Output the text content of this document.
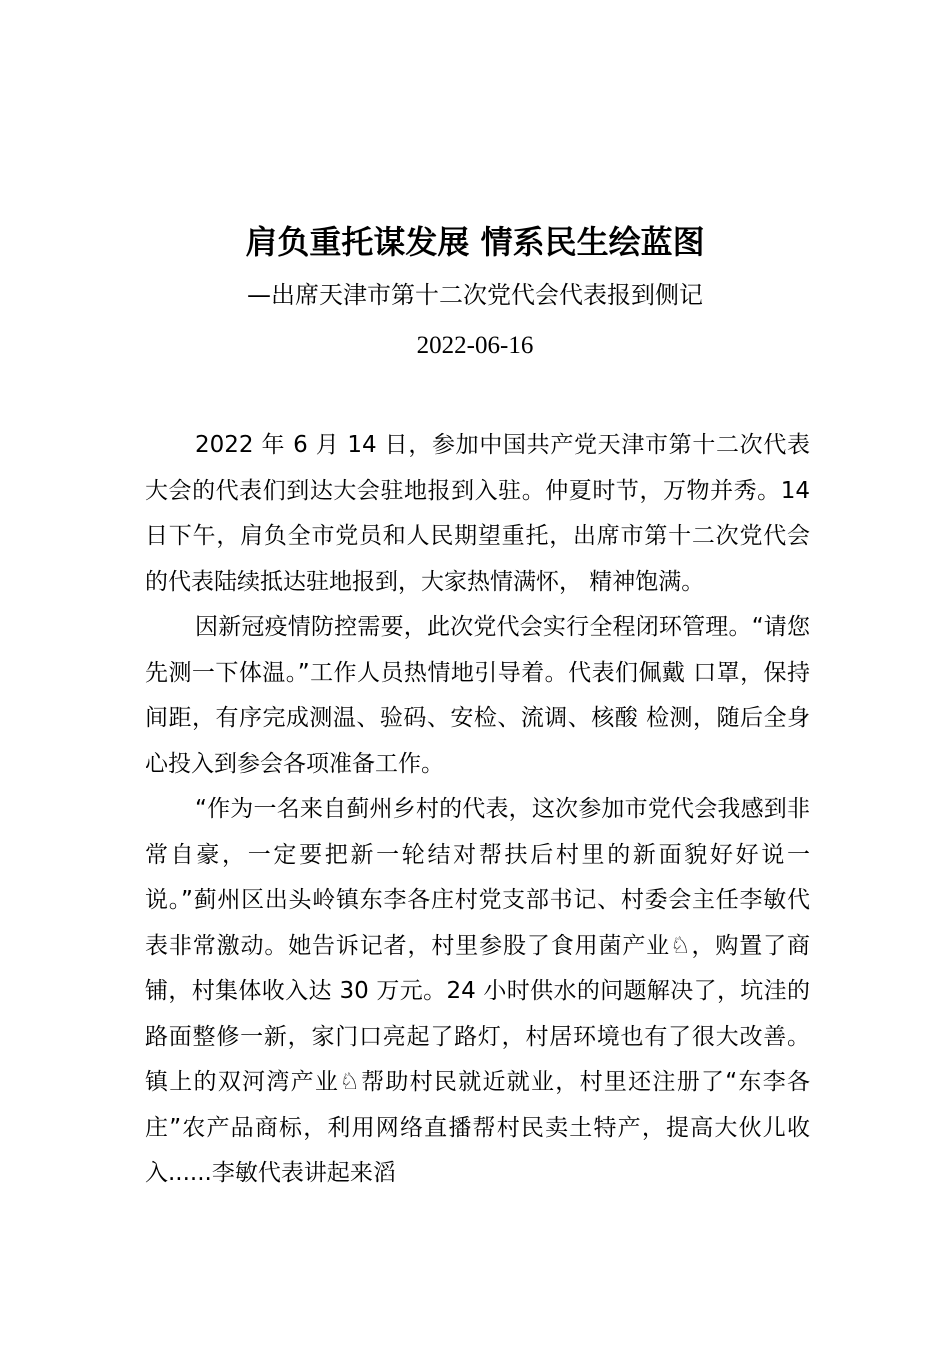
肩负重托谋发展 情系民生绘蓝图
—出席天津市第十二次党代会代表报到侧记
2022-06-16

2022 年 6 月 14 日，参加中国共产党天津市第十二次代表大会的代表们到达大会驻地报到入驻。仲夏时节，万物并秀。14 日下午，肩负全市党员和人民期望重托，出席市第十二次党代会的代表陆续抵达驻地报到，大家热情满怀， 精神饱满。

因新冠疫情防控需要，此次党代会实行全程闭环管理。“请您先测一下体温。”工作人员热情地引导着。代表们佩戴 口罩，保持间距，有序完成测温、验码、安检、流调、核酸 检测，随后全身心投入到参会各项准备工作。

“作为一名来自蓟州乡村的代表，这次参加市党代会我感到非常自豪，一定要把新一轮结对帮扶后村里的新面貌好好说一说。”蓟州区出头岭镇东李各庄村党支部书记、村委会主任李敏代表非常激动。她告诉记者，村里参股了食用菌产业♘，购置了商铺，村集体收入达 30 万元。24 小时供水的问题解决了，坑洼的路面整修一新，家门口亮起了路灯，村居环境也有了很大改善。镇上的双河湾产业♘帮助村民就近就业，村里还注册了“东李各庄”农产品商标，利用网络直播帮村民卖土特产，提高大伙儿收入......李敏代表讲起来滔
